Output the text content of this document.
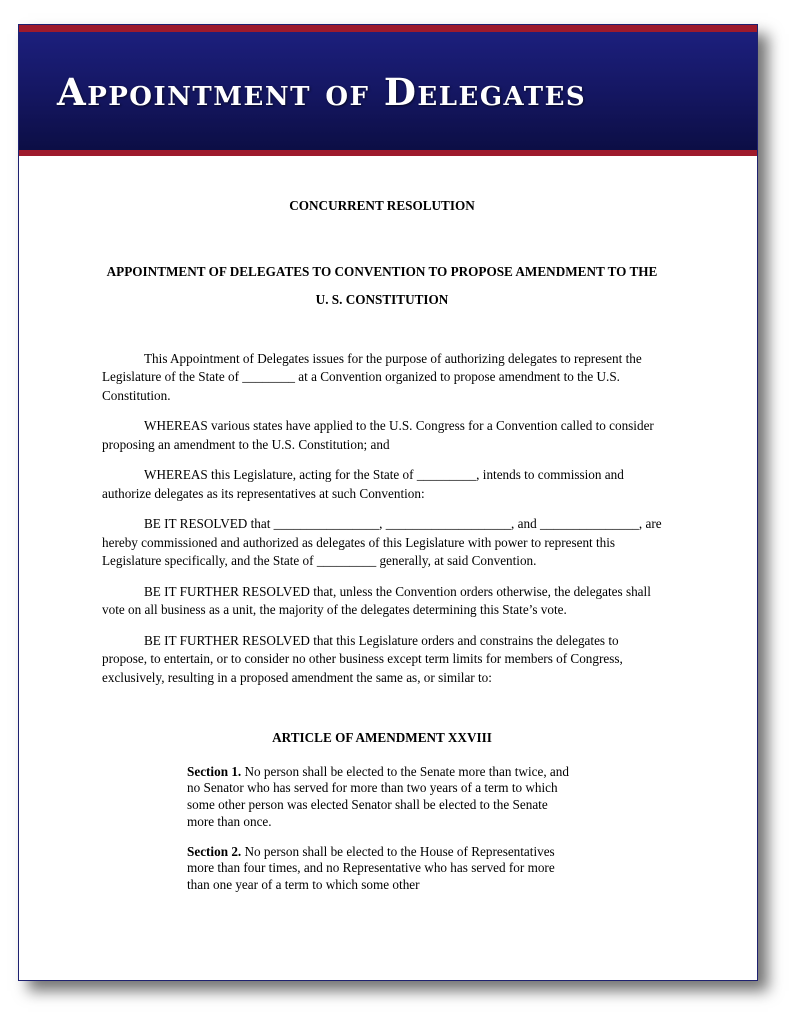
Appointment of Delegates

CONCURRENT RESOLUTION

APPOINTMENT OF DELEGATES TO CONVENTION TO PROPOSE AMENDMENT TO THE U. S. CONSTITUTION

This Appointment of Delegates issues for the purpose of authorizing delegates to represent the Legislature of the State of ________ at a Convention organized to propose amendment to the U.S. Constitution.

WHEREAS various states have applied to the U.S. Congress for a Convention called to consider proposing an amendment to the U.S. Constitution; and

WHEREAS this Legislature, acting for the State of _________, intends to commission and authorize delegates as its representatives at such Convention:

BE IT RESOLVED that ________________, ___________________, and _______________, are hereby commissioned and authorized as delegates of this Legislature with power to represent this Legislature specifically, and the State of _________ generally, at said Convention.

BE IT FURTHER RESOLVED that, unless the Convention orders otherwise, the delegates shall vote on all business as a unit, the majority of the delegates determining this State’s vote.

BE IT FURTHER RESOLVED that this Legislature orders and constrains the delegates to propose, to entertain, or to consider no other business except term limits for members of Congress, exclusively, resulting in a proposed amendment the same as, or similar to:

ARTICLE OF AMENDMENT XXVIII

Section 1. No person shall be elected to the Senate more than twice, and no Senator who has served for more than two years of a term to which some other person was elected Senator shall be elected to the Senate more than once.

Section 2. No person shall be elected to the House of Representatives more than four times, and no Representative who has served for more than one year of a term to which some other
